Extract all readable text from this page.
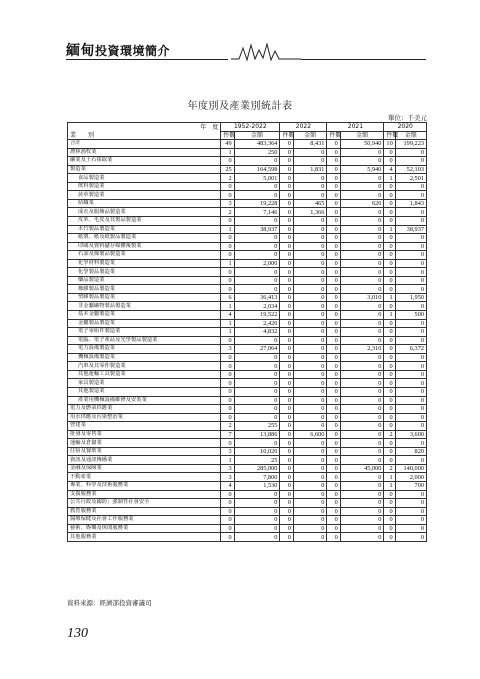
緬甸投資環境簡介
年度別及產業別統計表
單位：千美元
年　度	1952-2022		2022		2021		2020	
業　　別	件數	金額	件數	金額	件數	金額	件數	金額
合計	49	483,364	0	8,431	0	50,940	10	199,223
農林漁牧業	1	250	0	0	0	0	0	0
礦業及土石採取業	0	0	0	0	0	0	0	0
製造業	25	164,598	0	1,831	0	5,940	4	52,103
食品製造業	2	5,001	0	0	0	0	1	2,501
飲料製造業	0	0	0	0	0	0	0	0
菸草製造業	0	0	0	0	0	0	0	0
紡織業	3	19,228	0	465	0	620	0	1,843
成衣及服飾品製造業	2	7,146	0	1,366	0	0	0	0
皮革、毛皮及其製品製造業	0	0	0	0	0	0	0	0
木竹製品製造業	1	38,937	0	0	0	0	1	38,937
紙漿、紙及紙製品製造業	0	0	0	0	0	0	0	0
印刷及資料儲存媒體複製業	0	0	0	0	0	0	0	0
石油及煤製品製造業	0	0	0	0	0	0	0	0
化學材料製造業	1	2,000	0	0	0	0	0	0
化學製品製造業	0	0	0	0	0	0	0	0
藥品製造業	0	0	0	0	0	0	0	0
橡膠製品製造業	0	0	0	0	0	0	0	0
塑膠製品製造業	6	36,413	0	0	0	3,010	1	1,950
非金屬礦物製品製造業	1	2,034	0	0	0	0	0	0
基本金屬製造業	4	19,522	0	0	0	0	1	500
金屬製品製造業	1	2,420	0	0	0	0	0	0
電子零組件製造業	1	4,832	0	0	0	0	0	0
電腦、電子產品及光學製品製造業	0	0	0	0	0	0	0	0
電力設備製造業	3	27,064	0	0	0	2,310	0	6,372
機械設備製造業	0	0	0	0	0	0	0	0
汽車及其零件製造業	0	0	0	0	0	0	0	0
其他運輸工具製造業	0	0	0	0	0	0	0	0
家具製造業	0	0	0	0	0	0	0	0
其他製造業	0	0	0	0	0	0	0	0
產業用機械設備維修及安裝業	0	0	0	0	0	0	0	0
電力及燃氣供應業	0	0	0	0	0	0	0	0
用水供應及污染整治業	0	0	0	0	0	0	0	0
營建業	2	255	0	0	0	0	0	0
批發及零售業	7	13,886	0	6,600	0	0	2	3,600
運輸及倉儲業	0	0	0	0	0	0	0	0
住宿及餐飲業	3	10,020	0	0	0	0	0	820
資訊及通訊傳播業	1	25	0	0	0	0	0	0
金融及保險業	3	285,000	0	0	0	45,000	2	140,000
不動產業	3	7,800	0	0	0	0	1	2,000
專業、科學及技術服務業	4	1,530	0	0	0	0	1	700
支援服務業	0	0	0	0	0	0	0	0
公共行政及國防；強制性社會安全	0	0	0	0	0	0	0	0
教育服務業	0	0	0	0	0	0	0	0
醫療保健及社會工作服務業	0	0	0	0	0	0	0	0
藝術、娛樂及休閒服務業	0	0	0	0	0	0	0	0
其他服務業	0	0	0	0	0	0	0	0
資料來源：經濟部投資審議司
130
